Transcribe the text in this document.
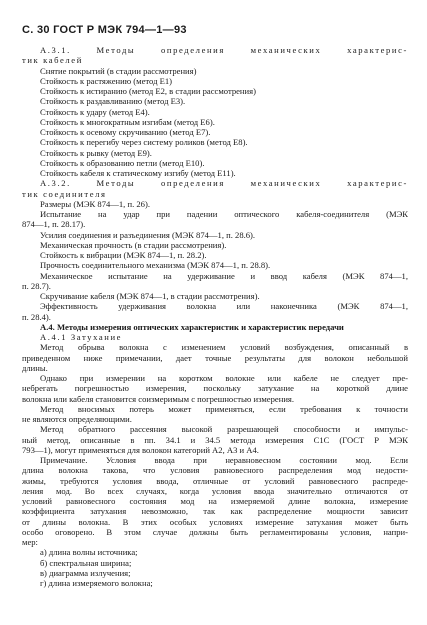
С. 30 ГОСТ Р МЭК 794—1—93
А.3.1. Методы определения механических характерис-
тик кабелей
Снятие покрытий (в стадии рассмотрения)
Стойкость к растяжению (метод Е1)
Стойкость к истиранию (метод Е2, в стадии рассмотрения)
Стойкость к раздавливанию (метод Е3).
Стойкость к удару (метод Е4).
Стойкость к многократным изгибам (метод Е6).
Стойкость к осевому скручиванию (метод Е7).
Стойкость к перегибу через систему роликов (метод Е8).
Стойкость к рывку (метод Е9).
Стойкость к образованию петли (метод Е10).
Стойкость кабеля к статическому изгибу (метод Е11).
А.3.2. Методы определения механических характерис-
тик соединителя
Размеры (МЭК 874—1, п. 26).
Испытание на удар при падении оптического кабеля-соединителя (МЭК
874—1, п. 28.17).
Усилия соединения и разъединения (МЭК 874—1, п. 28.6).
Механическая прочность (в стадии рассмотрения).
Стойкость к вибрации (МЭК 874—1, п. 28.2).
Прочность соединительного механизма (МЭК 874—1, п. 28.8).
Механическое испытание на удерживание и ввод кабеля (МЭК 874—1,
п. 28.7).
Скручивание кабеля (МЭК 874—1, в стадии рассмотрения).
Эффективность удерживания волокна или наконечника (МЭК 874—1,
п. 28.4).
А.4. Методы измерения оптических характеристик и характеристик передачи
А.4.1 Затухание
Метод обрыва волокна с изменением условий возбуждения, описанный в
приведенном ниже примечании, дает точные результаты для волокон небольшой
длины.
Однако при измерении на коротком волокне или кабеле не следует пре-
небрегать погрешностью измерения, поскольку затухание на короткой длине
волокна или кабеля становится соизмеримым с погрешностью измерения.
Метод вносимых потерь может применяться, если требования к точности
не являются определяющими.
Метод обратного рассеяния высокой разрешающей способности и импульс-
ный метод, описанные в пп. 34.1 и 34.5 метода измерения С1С (ГОСТ Р МЭК
793—1), могут применяться для волокон категорий А2, А3 и А4.
Примечание. Условия ввода при неравновесном состоянии мод. Если
длина волокна такова, что условия равновесного распределения мод недости-
жимы, требуются условия ввода, отличные от условий равновесного распреде-
ления мод. Во всех случаях, когда условия ввода значительно отличаются от
условий равновесного состояния мод на измеряемой длине волокна, измерение
коэффициента затухания невозможно, так как распределение мощности зависит
от длины волокна. В этих особых условиях измерение затухания может быть
особо оговорено. В этом случае должны быть регламентированы условия, напри-
мер:
а) длина волны источника;
б) спектральная ширина;
в) диаграмма излучения;
г) длина измеряемого волокна;
